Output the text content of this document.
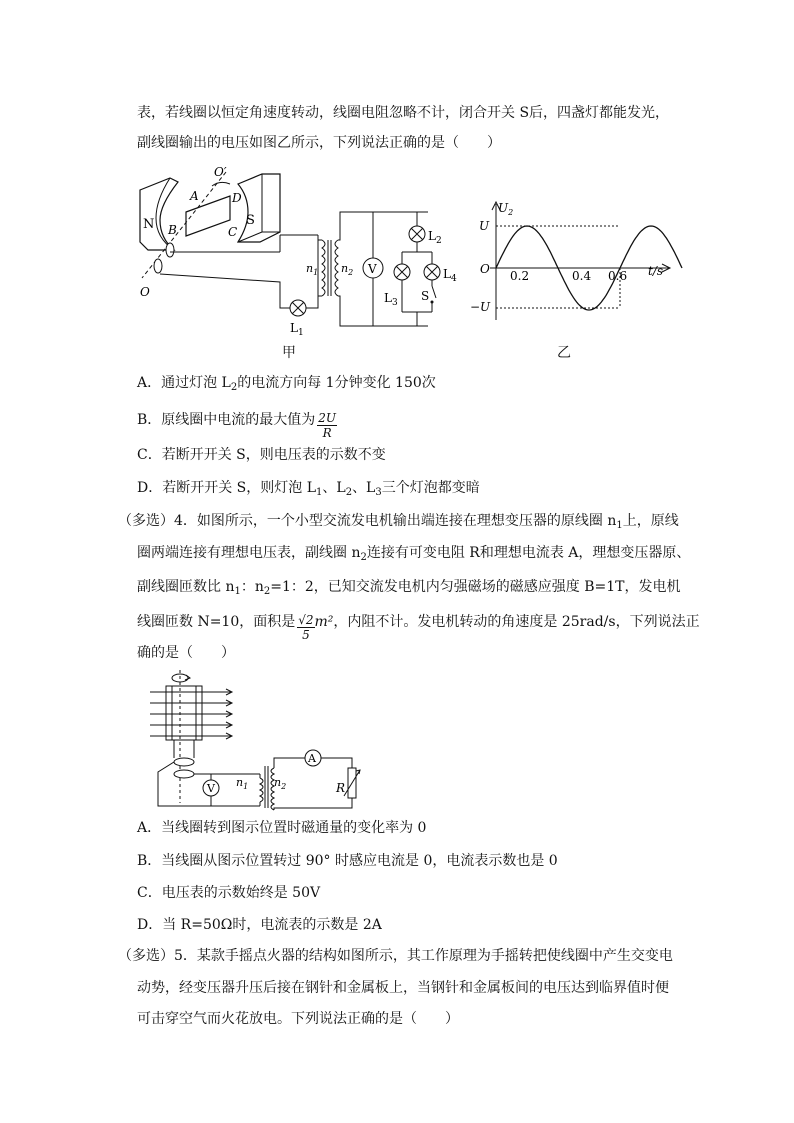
表，若线圈以恒定角速度转动，线圈电阻忽略不计，闭合开关 S后，四盏灯都能发光，
副线圈输出的电压如图乙所示，下列说法正确的是（　　）
N	S
A
B	C
D
O′
O
$L_1$
$n_1$ $n_2$ V
$L_2$
$L_3$
$L_4$
S
甲
$U_2$
t/s
U
−U
O 0.2	0.4 0.6
乙
A．通过灯泡 $L_2$的电流方向每 1分钟变化 150次
B．原线圈中电流的最大值为 $\frac{2U}{R}$
C．若断开开关 S，则电压表的示数不变
D．若断开开关 S，则灯泡 $L_1$、$L_2$、$L_3$三个灯泡都变暗
（多选）4．如图所示，一个小型交流发电机输出端连接在理想变压器的原线圈 $n_1$上，原线
圈两端连接有理想电压表，副线圈 $n_2$连接有可变电阻 R和理想电流表 A，理想变压器原、
副线圈匝数比 $n_1$：$n_2=1$：2，已知交流发电机内匀强磁场的磁感应强度 B=1T，发电机
线圈匝数 N=10，面积是 $\frac{√2}{5} m^2$，内阻不计。发电机转动的角速度是 25rad/s，下列说法正
确的是（　　）
V $n_1$ $n_2$
A
R
A．当线圈转到图示位置时磁通量的变化率为 0
B．当线圈从图示位置转过 90° 时感应电流是 0，电流表示数也是 0
C．电压表的示数始终是 50V
D．当 R=50Ω时，电流表的示数是 2A
（多选）5．某款手摇点火器的结构如图所示，其工作原理为手摇转把使线圈中产生交变电
动势，经变压器升压后接在钢针和金属板上，当钢针和金属板间的电压达到临界值时便
可击穿空气而火花放电。下列说法正确的是（　　）
